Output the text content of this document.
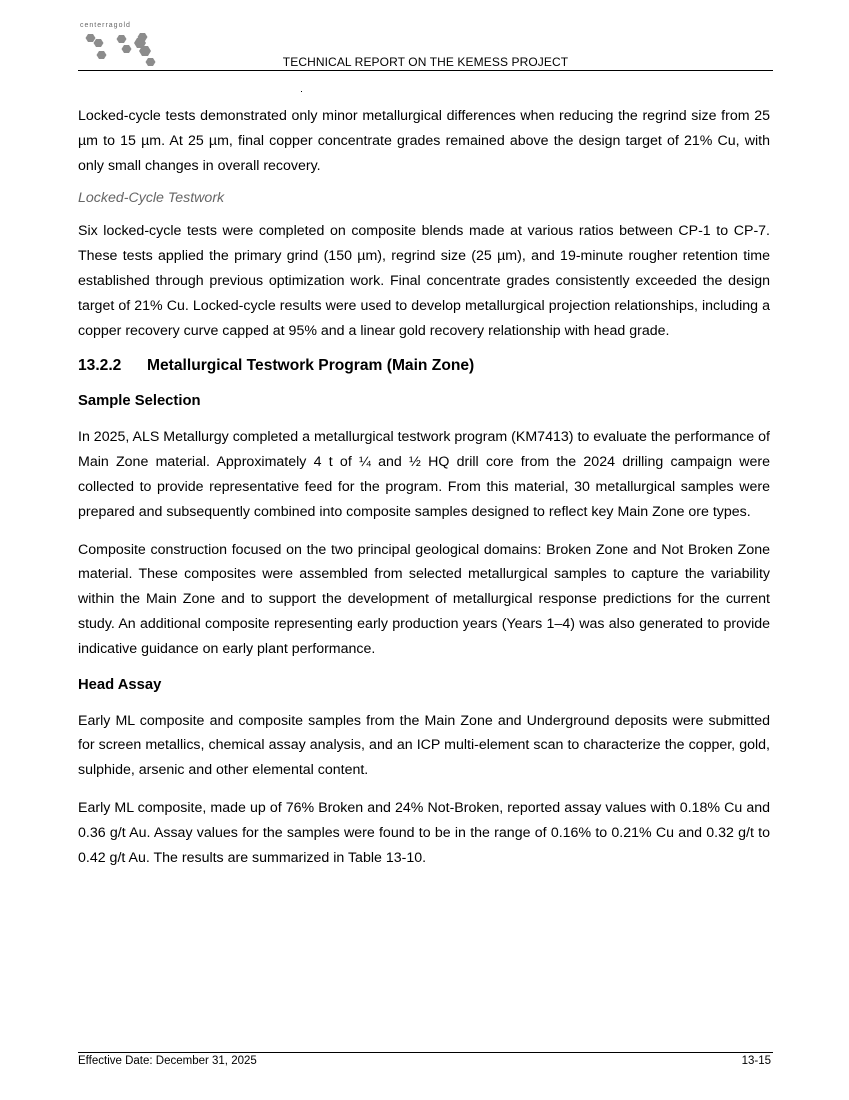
centerragold
TECHNICAL REPORT ON THE KEMESS PROJECT

Locked-cycle tests demonstrated only minor metallurgical differences when reducing the regrind size from 25 µm to 15 µm. At 25 µm, final copper concentrate grades remained above the design target of 21% Cu, with only small changes in overall recovery.

Locked-Cycle Testwork

Six locked-cycle tests were completed on composite blends made at various ratios between CP-1 to CP-7. These tests applied the primary grind (150 µm), regrind size (25 µm), and 19-minute rougher retention time established through previous optimization work. Final concentrate grades consistently exceeded the design target of 21% Cu. Locked-cycle results were used to develop metallurgical projection relationships, including a copper recovery curve capped at 95% and a linear gold recovery relationship with head grade.

13.2.2 Metallurgical Testwork Program (Main Zone)
Sample Selection

In 2025, ALS Metallurgy completed a metallurgical testwork program (KM7413) to evaluate the performance of Main Zone material. Approximately 4 t of ¼ and ½ HQ drill core from the 2024 drilling campaign were collected to provide representative feed for the program. From this material, 30 metallurgical samples were prepared and subsequently combined into composite samples designed to reflect key Main Zone ore types.

Composite construction focused on the two principal geological domains: Broken Zone and Not Broken Zone material. These composites were assembled from selected metallurgical samples to capture the variability within the Main Zone and to support the development of metallurgical response predictions for the current study. An additional composite representing early production years (Years 1–4) was also generated to provide indicative guidance on early plant performance.

Head Assay

Early ML composite and composite samples from the Main Zone and Underground deposits were submitted for screen metallics, chemical assay analysis, and an ICP multi-element scan to characterize the copper, gold, sulphide, arsenic and other elemental content.

Early ML composite, made up of 76% Broken and 24% Not-Broken, reported assay values with 0.18% Cu and 0.36 g/t Au. Assay values for the samples were found to be in the range of 0.16% to 0.21% Cu and 0.32 g/t to 0.42 g/t Au. The results are summarized in Table 13-10.

Effective Date: December 31, 2025	13-15
